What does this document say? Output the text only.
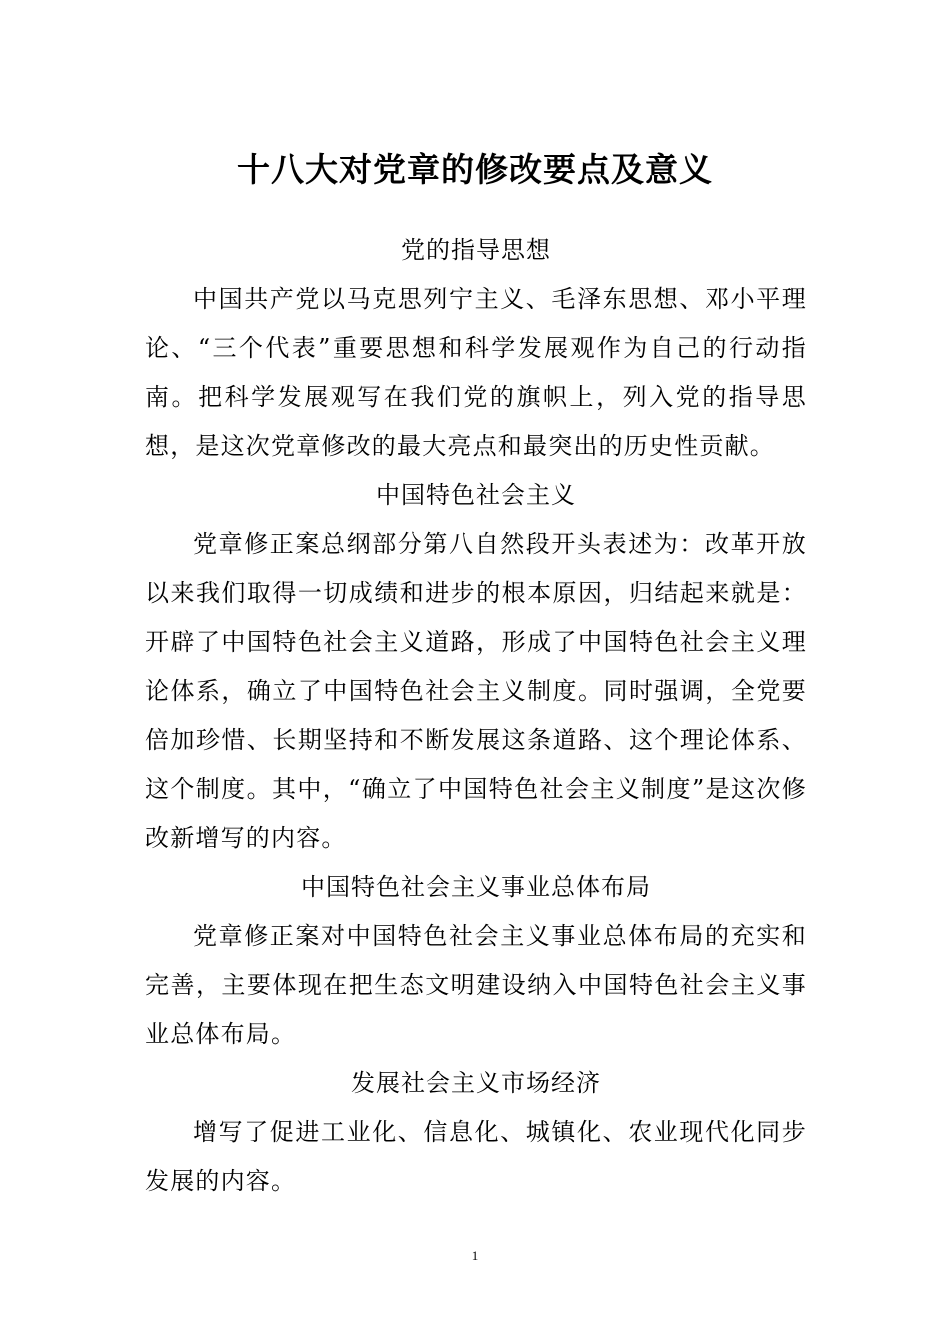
十八大对党章的修改要点及意义

党的指导思想

中国共产党以马克思列宁主义、毛泽东思想、邓小平理论、“三个代表”重要思想和科学发展观作为自己的行动指南。把科学发展观写在我们党的旗帜上，列入党的指导思想，是这次党章修改的最大亮点和最突出的历史性贡献。

中国特色社会主义

党章修正案总纲部分第八自然段开头表述为：改革开放以来我们取得一切成绩和进步的根本原因，归结起来就是：开辟了中国特色社会主义道路，形成了中国特色社会主义理论体系，确立了中国特色社会主义制度。同时强调，全党要倍加珍惜、长期坚持和不断发展这条道路、这个理论体系、这个制度。其中，“确立了中国特色社会主义制度”是这次修改新增写的内容。

中国特色社会主义事业总体布局

党章修正案对中国特色社会主义事业总体布局的充实和完善，主要体现在把生态文明建设纳入中国特色社会主义事业总体布局。

发展社会主义市场经济

增写了促进工业化、信息化、城镇化、农业现代化同步发展的内容。

1
